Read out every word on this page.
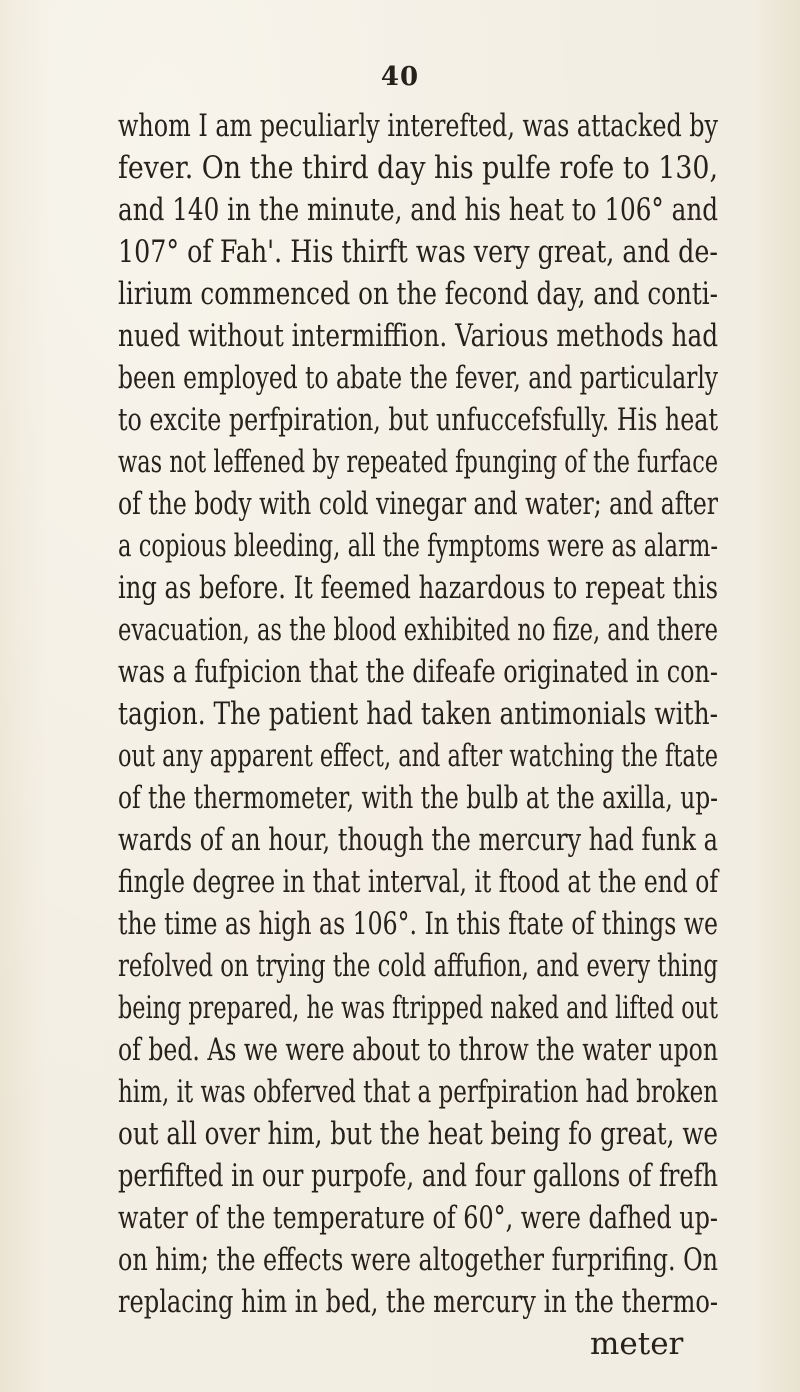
40
whom I am peculiarly interefted, was attacked by
fever. On the third day his pulfe rofe to 130,
and 140 in the minute, and his heat to 106° and
107° of Fah'. His thirft was very great, and de-
lirium commenced on the fecond day, and conti-
nued without intermiffion. Various methods had
been employed to abate the fever, and particularly
to excite perfpiration, but unfuccefsfully. His heat
was not leffened by repeated fpunging of the furface
of the body with cold vinegar and water; and after
a copious bleeding, all the fymptoms were as alarm-
ing as before. It feemed hazardous to repeat this
evacuation, as the blood exhibited no fize, and there
was a fufpicion that the difeafe originated in con-
tagion. The patient had taken antimonials with-
out any apparent effect, and after watching the ftate
of the thermometer, with the bulb at the axilla, up-
wards of an hour, though the mercury had funk a
fingle degree in that interval, it ftood at the end of
the time as high as 106°. In this ftate of things we
refolved on trying the cold affufion, and every thing
being prepared, he was ftripped naked and lifted out
of bed. As we were about to throw the water upon
him, it was obferved that a perfpiration had broken
out all over him, but the heat being fo great, we
perfifted in our purpofe, and four gallons of frefh
water of the temperature of 60°, were dafhed up-
on him; the effects were altogether furprifing. On
replacing him in bed, the mercury in the thermo-
meter
